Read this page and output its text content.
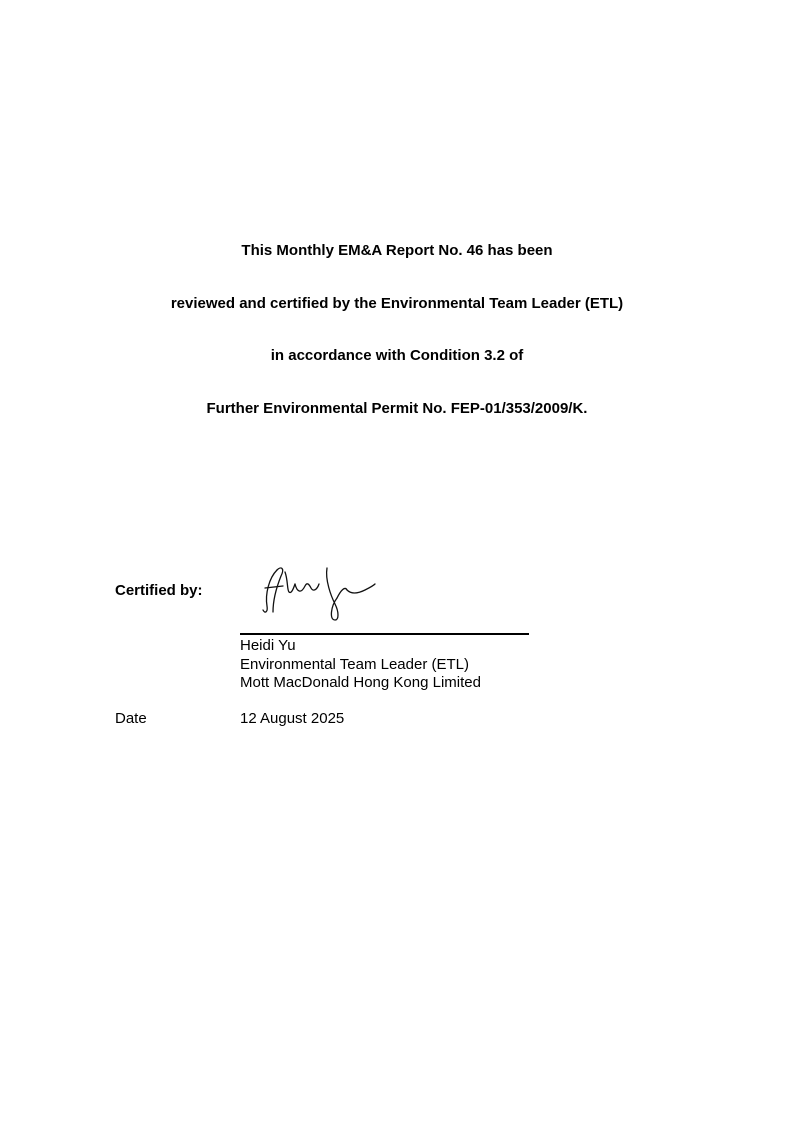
This Monthly EM&A Report No. 46 has been

reviewed and certified by the Environmental Team Leader (ETL)

in accordance with Condition 3.2 of

Further Environmental Permit No. FEP-01/353/2009/K.

Certified by:
Heidi Yu
Environmental Team Leader (ETL)
Mott MacDonald Hong Kong Limited
Date	12 August 2025
